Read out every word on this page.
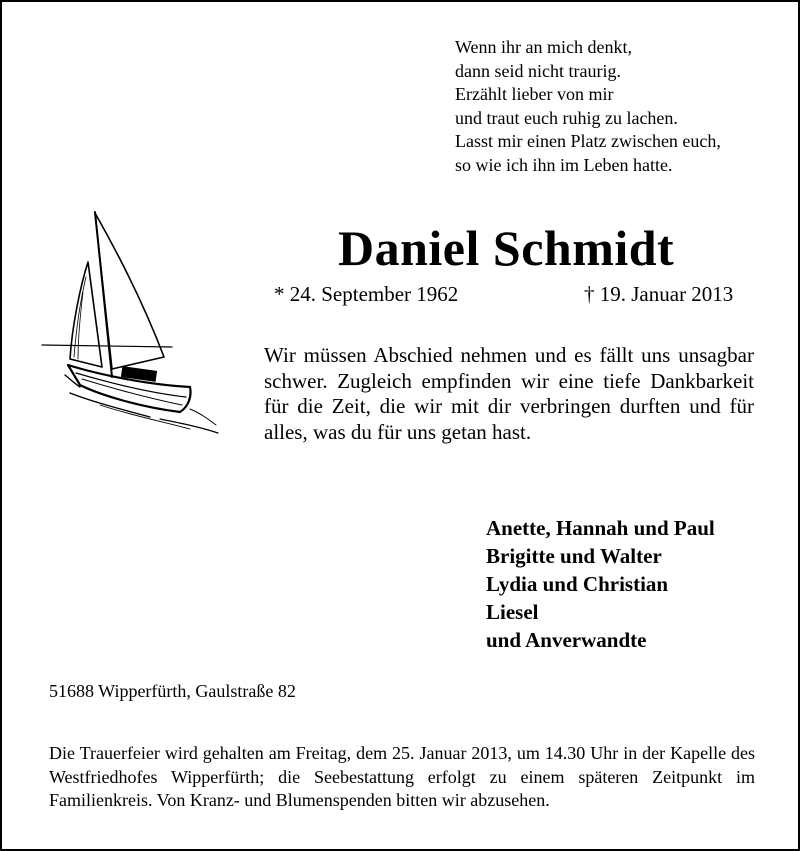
Wenn ihr an mich denkt,
dann seid nicht traurig.
Erzählt lieber von mir
und traut euch ruhig zu lachen.
Lasst mir einen Platz zwischen euch,
so wie ich ihn im Leben hatte.
Daniel Schmidt
* 24. September 1962	† 19. Januar 2013
Wir müssen Abschied nehmen und es fällt uns unsagbar schwer. Zugleich empfinden wir eine tiefe Dankbarkeit für die Zeit, die wir mit dir verbringen durften und für alles, was du für uns getan hast.
Anette, Hannah und Paul
Brigitte und Walter
Lydia und Christian
Liesel
und Anverwandte
51688 Wipperfürth, Gaulstraße 82
Die Trauerfeier wird gehalten am Freitag, dem 25. Januar 2013, um 14.30 Uhr in der Kapelle des Westfriedhofes Wipperfürth; die Seebestattung erfolgt zu einem späteren Zeitpunkt im Familienkreis. Von Kranz- und Blumenspenden bitten wir abzusehen.
